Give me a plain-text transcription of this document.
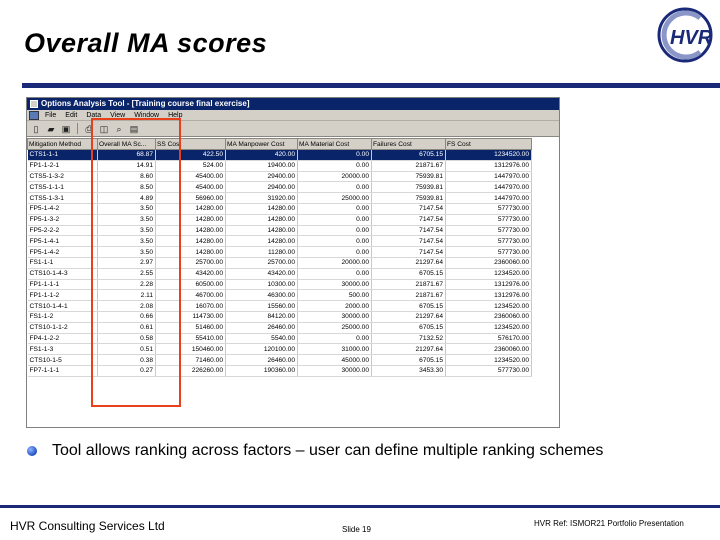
Overall MA scores	HVR
Options Analysis Tool - [Training course final exercise]
File Edit Data View Window Help
▯	▰ ▣ ⎙ ◫ ⌕ ▤
Mitigation Method	Overall MA Sc...	SS Cost	MA Manpower Cost	MA Material Cost	Failures Cost	FS Cost
CTS1-1-1	68.87	422.50	420.00	0.00	6705.15	1234520.00
FP1-1-2-1	14.91	524.00	19400.00	0.00	21871.67	1312976.00
CTS5-1-3-2	8.60	45400.00	29400.00	20000.00	75939.81	1447970.00
CTS5-1-1-1	8.50	45400.00	29400.00	0.00	75939.81	1447970.00
CTS5-1-3-1	4.89	56960.00	31920.00	25000.00	75939.81	1447970.00
FP5-1-4-2	3.50	14280.00	14280.00	0.00	7147.54	577730.00
FP5-1-3-2	3.50	14280.00	14280.00	0.00	7147.54	577730.00
FP5-2-2-2	3.50	14280.00	14280.00	0.00	7147.54	577730.00
FP5-1-4-1	3.50	14280.00	14280.00	0.00	7147.54	577730.00
FP5-1-4-2	3.50	14280.00	11280.00	0.00	7147.54	577730.00
FS1-1-1	2.97	25700.00	25700.00	20000.00	21297.64	2360060.00
CTS10-1-4-3	2.55	43420.00	43420.00	0.00	6705.15	1234520.00
FP1-1-1-1	2.28	60500.00	10300.00	30000.00	21871.67	1312976.00
FP1-1-1-2	2.11	46700.00	46300.00	500.00	21871.67	1312976.00
CTS10-1-4-1	2.08	16070.00	15560.00	2000.00	6705.15	1234520.00
FS1-1-2	0.66	114730.00	84120.00	30000.00	21297.64	2360060.00
CTS10-1-1-2	0.61	51460.00	26460.00	25000.00	6705.15	1234520.00
FP4-1-2-2	0.58	55410.00	5540.00	0.00	7132.52	576170.00
FS1-1-3	0.51	150460.00	120100.00	31000.00	21297.64	2360060.00
CTS10-1-5	0.38	71460.00	26460.00	45000.00	6705.15	1234520.00
FP7-1-1-1	0.27	226260.00	190360.00	30000.00	3453.30	577730.00
Tool allows ranking across factors – user can define multiple ranking schemes
HVR Consulting Services Ltd	Slide 19
HVR Ref: ISMOR21 Portfolio Presentation
